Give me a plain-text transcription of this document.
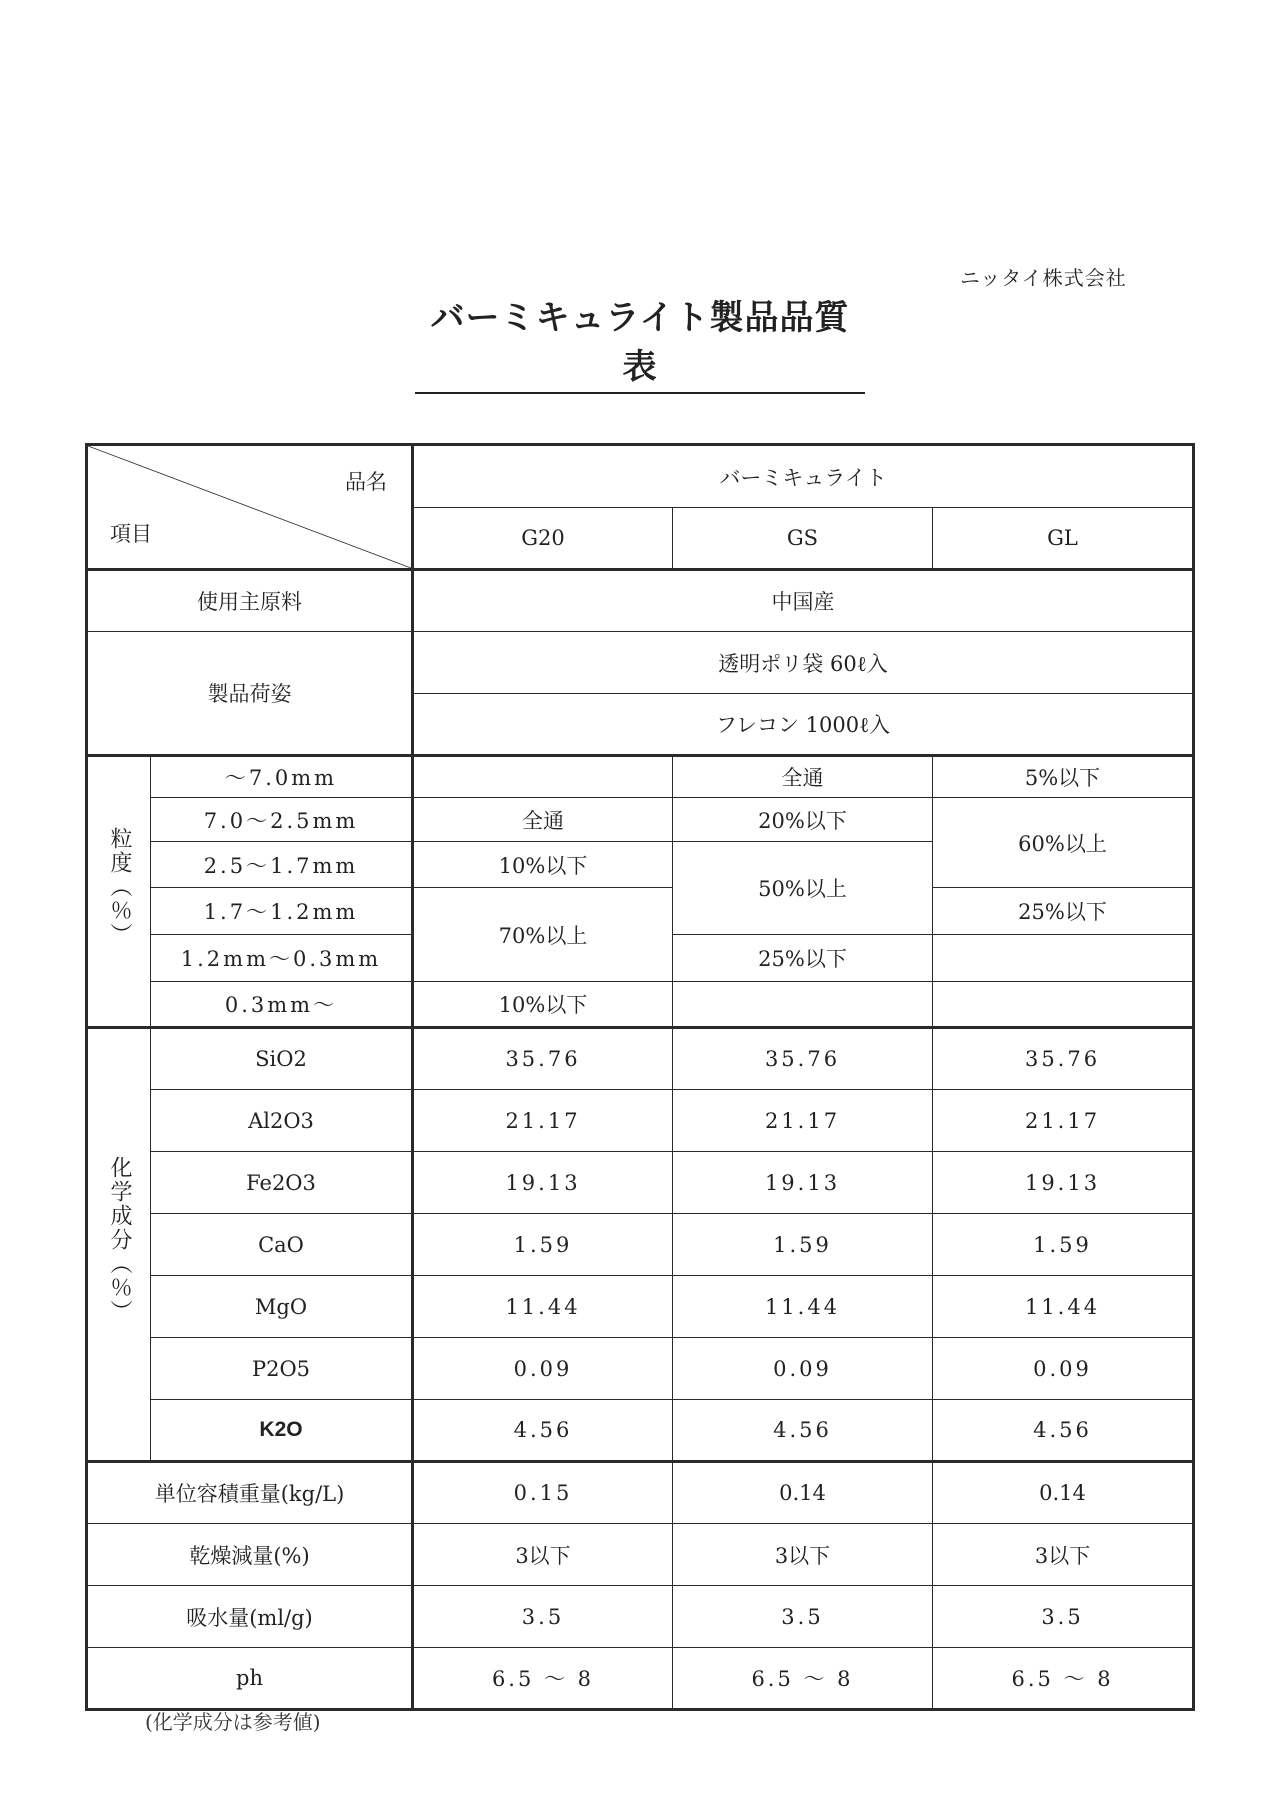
ニッタイ株式会社
バーミキュライト製品品質表
品名
項目		バーミキュライト		
		G20	GS	GL
使用主原料		中国産		
製品荷姿		透明ポリ袋 60ℓ入		
		フレコン 1000ℓ入		
粒度（％）	～7.0mm		全通	5%以下
	7.0～2.5mm	全通	20%以下	60%以上
	2.5～1.7mm	10%以下	50%以上	
	1.7～1.2mm	70%以上		25%以下
	1.2mm～0.3mm		25%以下	
	0.3mm～	10%以下		
化学成分（％）	SiO2	35.76	35.76	35.76
	Al2O3	21.17	21.17	21.17
	Fe2O3	19.13	19.13	19.13
	CaO	1.59	1.59	1.59
	MgO	11.44	11.44	11.44
	P2O5	0.09	0.09	0.09
	K2O	4.56	4.56	4.56
単位容積重量(kg/L)		0.15	0.14	0.14
乾燥減量(%)		3以下	3以下	3以下
吸水量(ml/g)		3.5	3.5	3.5
ph		6.5 ～ 8	6.5 ～ 8	6.5 ～ 8
(化学成分は参考値)
